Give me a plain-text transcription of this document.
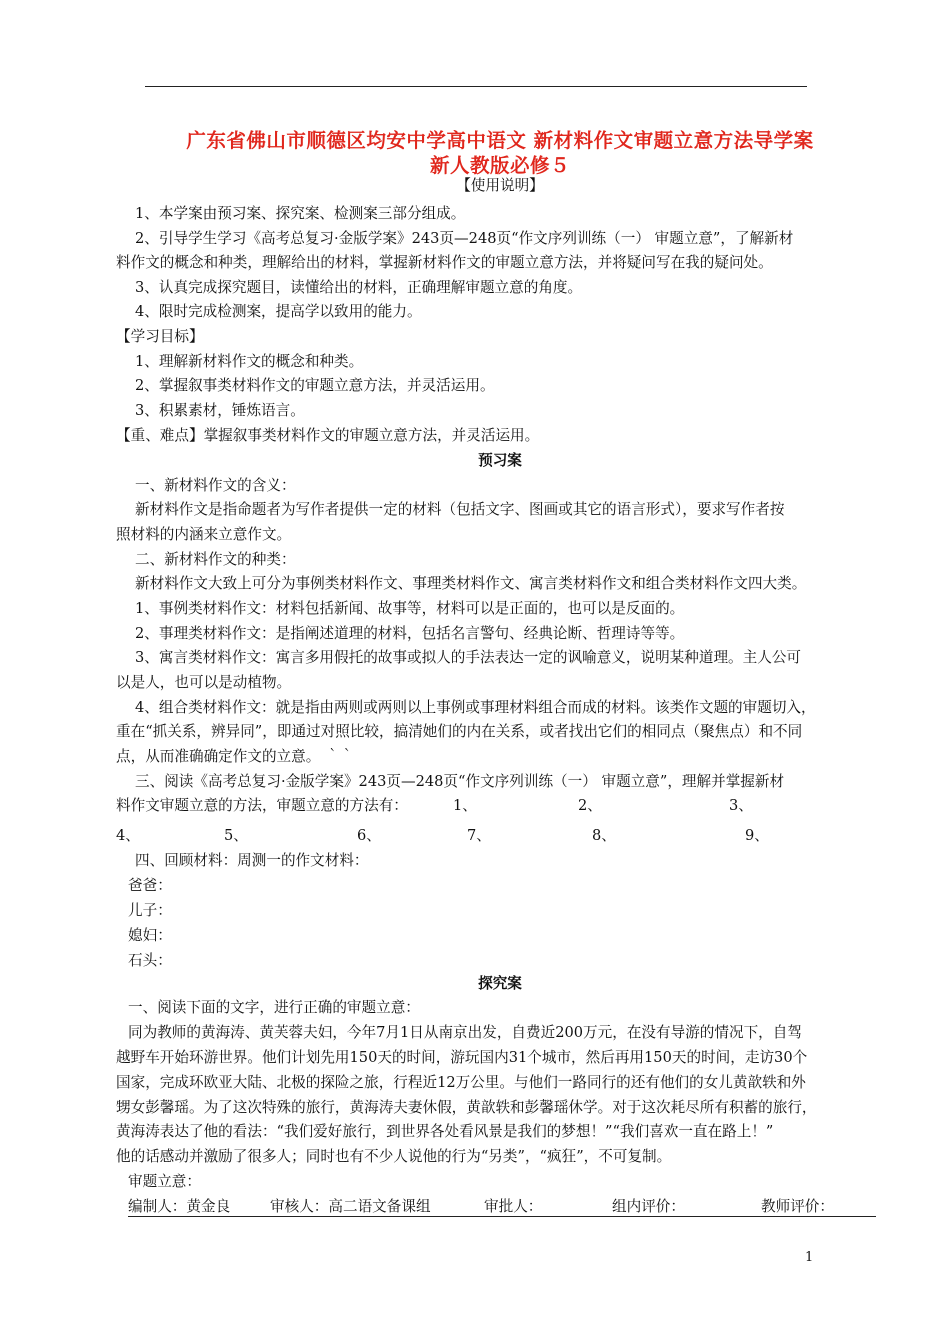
广东省佛山市顺德区均安中学高中语文 新材料作文审题立意方法导学案
新人教版必修５
【使用说明】
1、本学案由预习案、探究案、检测案三部分组成。
2、引导学生学习《高考总复习·金版学案》243页—248页“作文序列训练（一） 审题立意”，了解新材
料作文的概念和种类，理解给出的材料，掌握新材料作文的审题立意方法，并将疑问写在我的疑问处。
3、认真完成探究题目，读懂给出的材料，正确理解审题立意的角度。
4、限时完成检测案，提高学以致用的能力。
【学习目标】
1、理解新材料作文的概念和种类。
2、掌握叙事类材料作文的审题立意方法，并灵活运用。
3、积累素材，锤炼语言。
【重、难点】掌握叙事类材料作文的审题立意方法，并灵活运用。
预习案
一、新材料作文的含义：
新材料作文是指命题者为写作者提供一定的材料（包括文字、图画或其它的语言形式），要求写作者按
照材料的内涵来立意作文。
二、新材料作文的种类：
新材料作文大致上可分为事例类材料作文、事理类材料作文、寓言类材料作文和组合类材料作文四大类。
1、事例类材料作文：材料包括新闻、故事等，材料可以是正面的，也可以是反面的。
2、事理类材料作文：是指阐述道理的材料，包括名言警句、经典论断、哲理诗等等。
3、寓言类材料作文：寓言多用假托的故事或拟人的手法表达一定的讽喻意义，说明某种道理。主人公可
以是人，也可以是动植物。
4、组合类材料作文：就是指由两则或两则以上事例或事理材料组合而成的材料。该类作文题的审题切入，
重在“抓关系，辨异同”，即通过对照比较，搞清她们的内在关系，或者找出它们的相同点（聚焦点）和不同
点，从而准确确定作文的立意。 ｀｀
三、阅读《高考总复习·金版学案》243页—248页“作文序列训练（一） 审题立意”，理解并掌握新材
料作文审题立意的方法，审题立意的方法有：	1、	2、	3、
4、	5、	6、	7、	8、	9、
四、回顾材料：周测一的作文材料：
爸爸：
儿子：
媳妇：
石头：
探究案
一、阅读下面的文字，进行正确的审题立意：
同为教师的黄海涛、黄芙蓉夫妇，今年7月1日从南京出发，自费近200万元，在没有导游的情况下，自驾
越野车开始环游世界。他们计划先用150天的时间，游玩国内31个城市，然后再用150天的时间，走访30个
国家，完成环欧亚大陆、北极的探险之旅，行程近12万公里。与他们一路同行的还有他们的女儿黄歆轶和外
甥女彭馨瑶。为了这次特殊的旅行，黄海涛夫妻休假，黄歆轶和彭馨瑶休学。对于这次耗尽所有积蓄的旅行，
黄海涛表达了他的看法：“我们爱好旅行，到世界各处看风景是我们的梦想！”“我们喜欢一直在路上！”
他的话感动并激励了很多人；同时也有不少人说他的行为“另类”，“疯狂”，不可复制。
审题立意：
编制人：黄金良	审核人：高二语文备课组	审批人：	组内评价：	教师评价：
1
